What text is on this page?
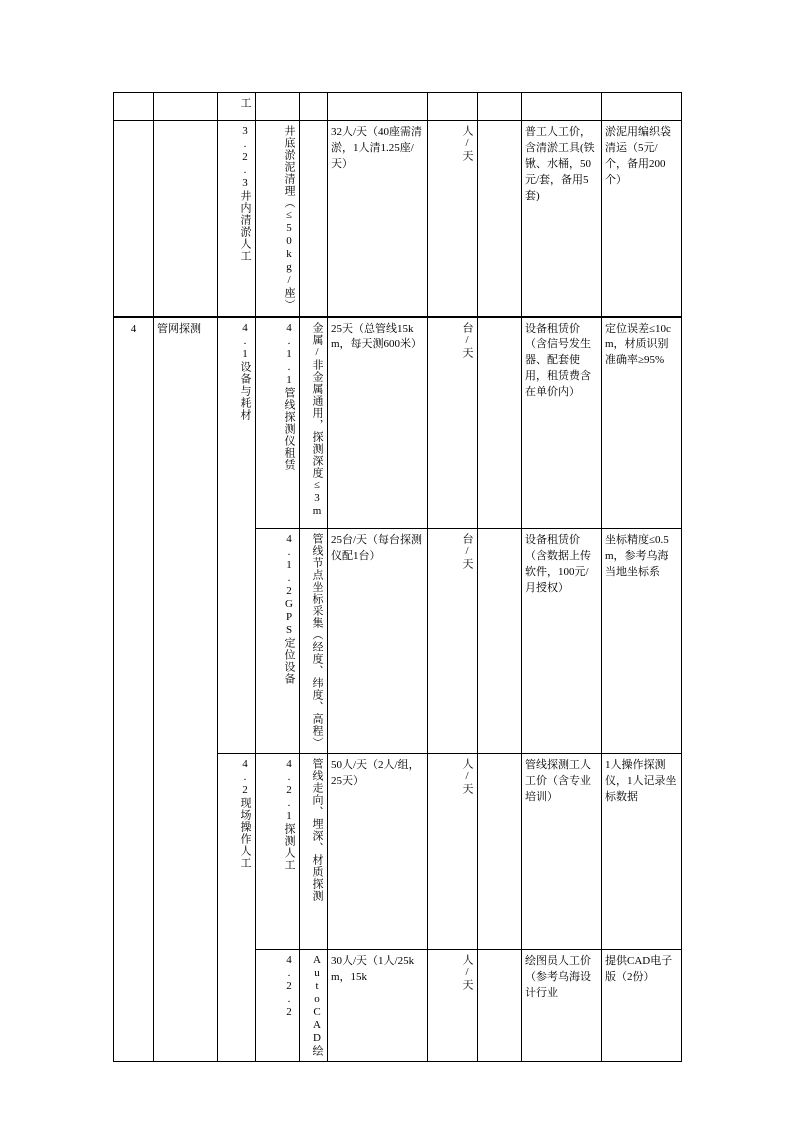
		工							
		3.2.3井内清淤人工	井底淤泥清理（≤50kg/座）		32人/天（40座需清淤，1人清1.25座/天）	人/天		普工人工价，含清淤工具(铁锹、水桶，50元/套，备用5套)	淤泥用编织袋清运（5元/个，备用200个）
4	管网探测	4.1设备与耗材	4.1.1管线探测仪租赁	金属/非金属通用，探测深度≤3m	25天（总管线15km，每天测600米）	台/天		设备租赁价（含信号发生器、配套使用，租赁费含在单价内）	定位误差≤10cm，材质识别准确率≥95%
			4.1.2GPS定位设备	管线节点坐标采集（经度、纬度、高程）	25台/天（每台探测仪配1台）	台/天		设备租赁价（含数据上传软件，100元/月授权）	坐标精度≤0.5m，参考乌海当地坐标系
		4.2现场操作人工	4.2.1探测人工	管线走向、埋深、材质探测	50人/天（2人/组，25天）	人/天		管线探测工人工价（含专业培训）	1人操作探测仪，1人记录坐标数据
			4.2.2	AutoCAD绘	30人/天（1人/25km，15k	人/天		绘图员人工价（参考乌海设计行业	提供CAD电子版（2份）
